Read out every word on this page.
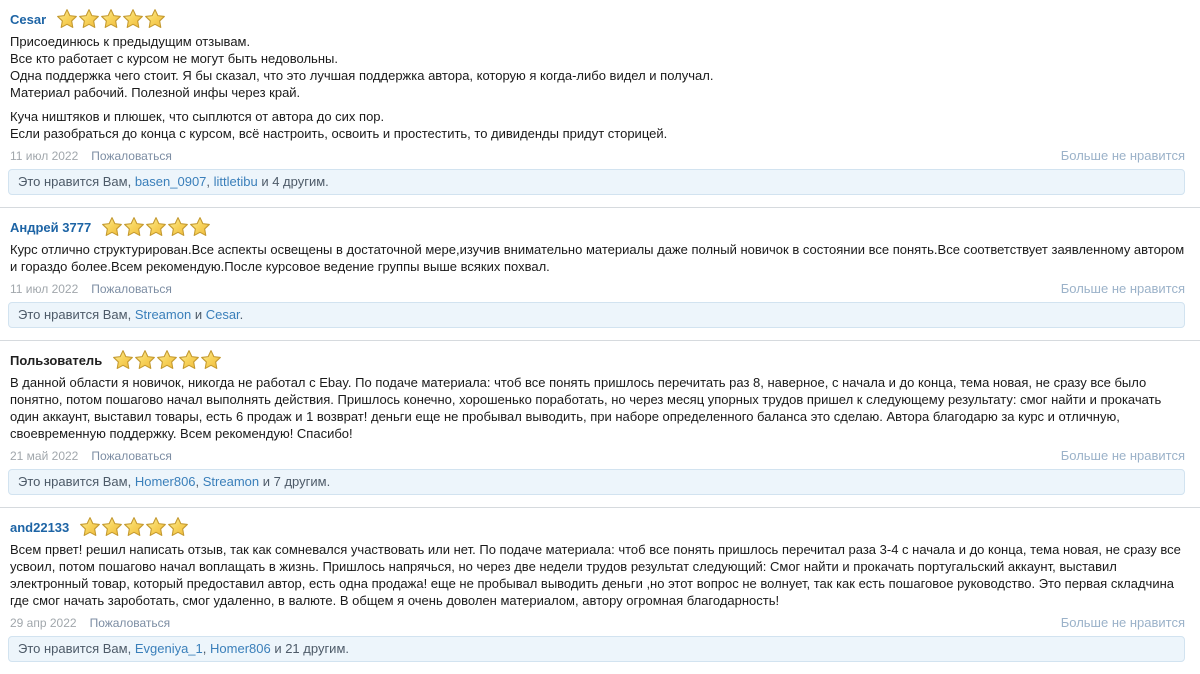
Cesar
Присоединюсь к предыдущим отзывам.
Все кто работает с курсом не могут быть недовольны.
Одна поддержка чего стоит. Я бы сказал, что это лучшая поддержка автора, которую я когда-либо видел и получал.
Материал рабочий. Полезной инфы через край.
Куча ништяков и плюшек, что сыплются от автора до сих пор.
Если разобраться до конца с курсом, всё настроить, освоить и простестить, то дивиденды придут сторицей.
11 июл 2022 Пожаловаться	Больше не нравится
Это нравится Вам, basen_0907, littletibu и 4 другим.
Андрей 3777
Курс отлично структурирован.Все аспекты освещены в достаточной мере,изучив внимательно материалы даже полный новичок в состоянии все понять.Все соответствует заявленному автором и гораздо более.Всем рекомендую.После курсовое ведение группы выше всяких похвал.
11 июл 2022 Пожаловаться	Больше не нравится
Это нравится Вам, Streamon и Cesar.
Пользователь
В данной области я новичок, никогда не работал с Ebay. По подаче материала: чтоб все понять пришлось перечитать раз 8, наверное, с начала и до конца, тема новая, не сразу все было понятно, потом пошагово начал выполнять действия. Пришлось конечно, хорошенько поработать, но через месяц упорных трудов пришел к следующему результату: смог найти и прокачать один аккаунт, выставил товары, есть 6 продаж и 1 возврат! деньги еще не пробывал выводить, при наборе определенного баланса это сделаю. Автора благодарю за курс и отличную, своевременную поддержку. Всем рекомендую! Спасибо!
21 май 2022 Пожаловаться	Больше не нравится
Это нравится Вам, Homer806, Streamon и 7 другим.
and22133
Всем првет! решил написать отзыв, так как сомневался участвовать или нет. По подаче материала: чтоб все понять пришлось перечитал раза 3-4 с начала и до конца, тема новая, не сразу все усвоил, потом пошагово начал воплащать в жизнь. Пришлось напрячься, но через две недели трудов результат следующий: Смог найти и прокачать португальский аккаунт, выставил электронный товар, который предоставил автор, есть одна продажа! еще не пробывал выводить деньги ,но этот вопрос не волнует, так как есть пошаговое руководство. Это первая складчина где смог начать зароботать, смог удаленно, в валюте. В общем я очень доволен материалом, автору огромная благодарность!
29 апр 2022 Пожаловаться	Больше не нравится
Это нравится Вам, Evgeniya_1, Homer806 и 21 другим.
